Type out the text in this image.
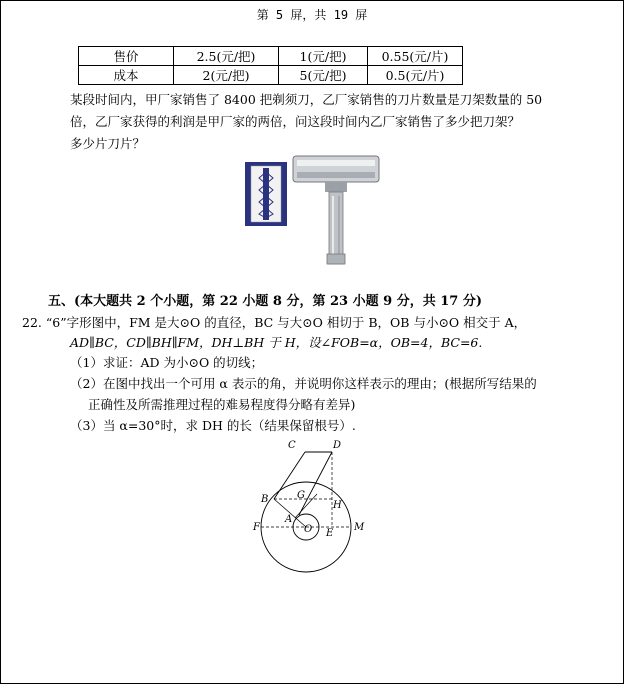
第 5 屏，共 19 屏
售价	2.5(元/把)	1(元/把)	0.55(元/片)
成本	2(元/把)	5(元/把)	0.5(元/片)
某段时间内，甲厂家销售了 8400 把剃须刀，乙厂家销售的刀片数量是刀架数量的 50
倍，乙厂家获得的利润是甲厂家的两倍，问这段时间内乙厂家销售了多少把刀架？
多少片刀片？
五、(本大题共 2 个小题，第 22 小题 8 分，第 23 小题 9 分，共 17 分)
22. “6”字形图中，FM 是大⊙O 的直径，BC 与大⊙O 相切于 B，OB 与小⊙O 相交于 A，
AD∥BC，CD∥BH∥FM，DH⊥BH 于 H，设∠FOB=α，OB=4，BC=6.
（1）求证：AD 为小⊙O 的切线；
（2）在图中找出一个可用 α 表示的角，并说明你这样表示的理由；(根据所写结果的
正确性及所需推理过程的难易程度得分略有差异)
（3）当 α=30°时，求 DH 的长（结果保留根号）.
C	D
B	G
H
A
F	O E
M
